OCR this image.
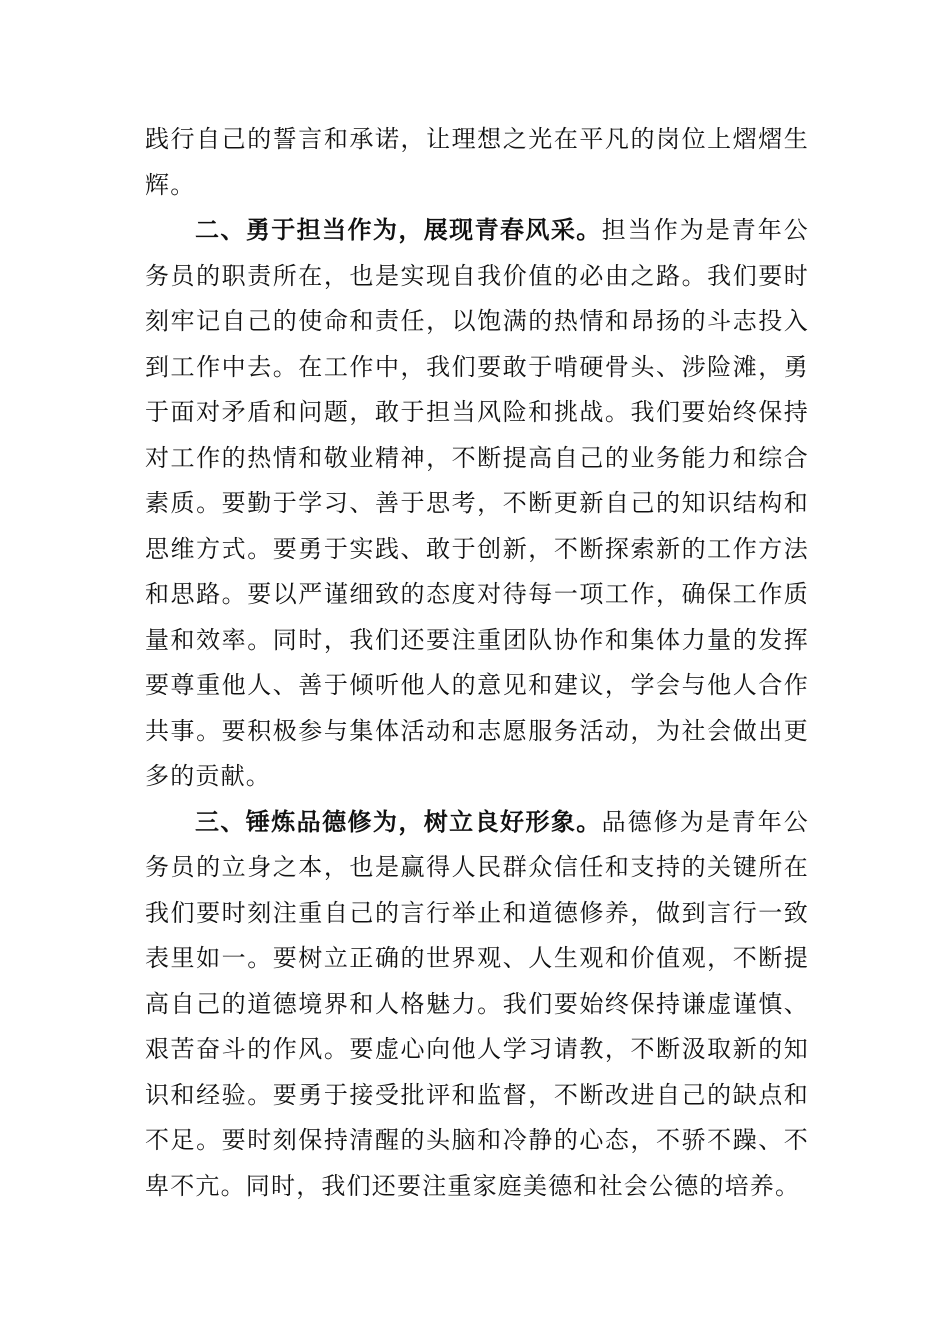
践行自己的誓言和承诺，让理想之光在平凡的岗位上熠熠生辉。

二、勇于担当作为，展现青春风采。担当作为是青年公务员的职责所在，也是实现自我价值的必由之路。我们要时刻牢记自己的使命和责任，以饱满的热情和昂扬的斗志投入到工作中去。在工作中，我们要敢于啃硬骨头、涉险滩，勇于面对矛盾和问题，敢于担当风险和挑战。我们要始终保持对工作的热情和敬业精神，不断提高自己的业务能力和综合素质。要勤于学习、善于思考，不断更新自己的知识结构和思维方式。要勇于实践、敢于创新，不断探索新的工作方法和思路。要以严谨细致的态度对待每一项工作，确保工作质量和效率。同时，我们还要注重团队协作和集体力量的发挥要尊重他人、善于倾听他人的意见和建议，学会与他人合作共事。要积极参与集体活动和志愿服务活动，为社会做出更多的贡献。

三、锤炼品德修为，树立良好形象。品德修为是青年公务员的立身之本，也是赢得人民群众信任和支持的关键所在我们要时刻注重自己的言行举止和道德修养，做到言行一致表里如一。要树立正确的世界观、人生观和价值观，不断提高自己的道德境界和人格魅力。我们要始终保持谦虚谨慎、艰苦奋斗的作风。要虚心向他人学习请教，不断汲取新的知识和经验。要勇于接受批评和监督，不断改进自己的缺点和不足。要时刻保持清醒的头脑和冷静的心态，不骄不躁、不卑不亢。同时，我们还要注重家庭美德和社会公德的培养。
